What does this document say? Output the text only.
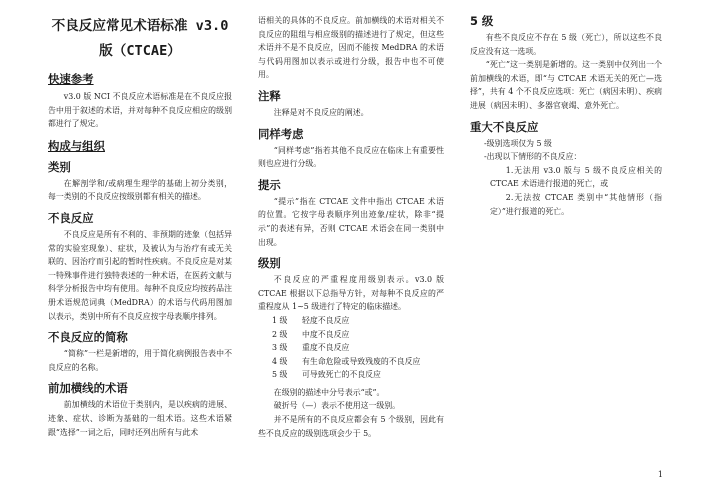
不良反应常见术语标准 v3.0
版（CTCAE）
快速参考

v3.0 版 NCI 不良反应术语标准是在不良反应报告中用于叙述的术语，并对每种不良反应相应的级别都进行了规定。

构成与组织
类别

在解剖学和/或病理生理学的基础上初分类别，每一类别的不良反应按级别都有相关的描述。

不良反应

不良反应是所有不利的、非预期的迹象（包括异常的实验室现象）、症状，及被认为与治疗有或无关联的、因治疗而引起的暂时性疾病。不良反应是对某一特殊事件进行独特表述的一种术语，在医药文献与科学分析报告中均有使用。每种不良反应均按药品注册术语规范词典（MedDRA）的术语与代码用图加以表示，类别中所有不良反应按字母表顺序排列。

不良反应的简称

“简称”一栏是新增的，用于简化病例报告表中不良反应的名称。

前加横线的术语

前加横线的术语位于类别内，是以疾病的进展、迹象、症状、诊断为基础的一组术语。这些术语紧跟“选择”一词之后，同时还列出所有与此术

语相关的具体的不良反应。前加横线的术语对相关不良反应的阻组与相应级别的描述进行了规定，但这些术语并不是不良反应，因而不能按 MedDRA 的术语与代码用图加以表示或进行分级，报告中也不可使用。

注释

注释是对不良反应的阐述。

同样考虑

“同样考虑”指若其他不良反应在临床上有重要性则也应进行分级。

提示

“提示”指在 CTCAE 文件中指出 CTCAE 术语的位置。它按字母表顺序列出迹象/症状，除非“提示”的表述有异，否则 CTCAE 术语会在同一类别中出现。

级别

不良反应的严重程度用级别表示。v3.0 版 CTCAE 根据以下总指导方针，对每种不良反应的严重程度从 1~5 级进行了特定的临床描述。

1 级	轻度不良反应
2 级	中度不良反应
3 级	重度不良反应
4 级	有生命危险或导致残废的不良反应
5 级	可导致死亡的不良反应

在级别的描述中分号表示“或”。

破折号（—）表示不使用这一级别。

并不是所有的不良反应都会有 5 个级别，因此有些不良反应的级别选项会少于 5。

5 级

有些不良反应不存在 5 级（死亡），所以这些不良反应没有这一选项。

“死亡”这一类别是新增的。这一类别中仅列出一个前加横线的术语，即“与 CTCAE 术语无关的死亡—选择”，共有 4 个不良反应选项：死亡（病因未明）、疾病进展（病因未明）、多器官衰竭、意外死亡。

重大不良反应
-级别选项仅为 5 级
-出现以下情形的不良反应：

1.无法用 v3.0 版与 5 级不良反应相关的 CTCAE 术语进行报道的死亡，或

2.无法按 CTCAE 类别中“其他情形（指定）”进行报道的死亡。

1
